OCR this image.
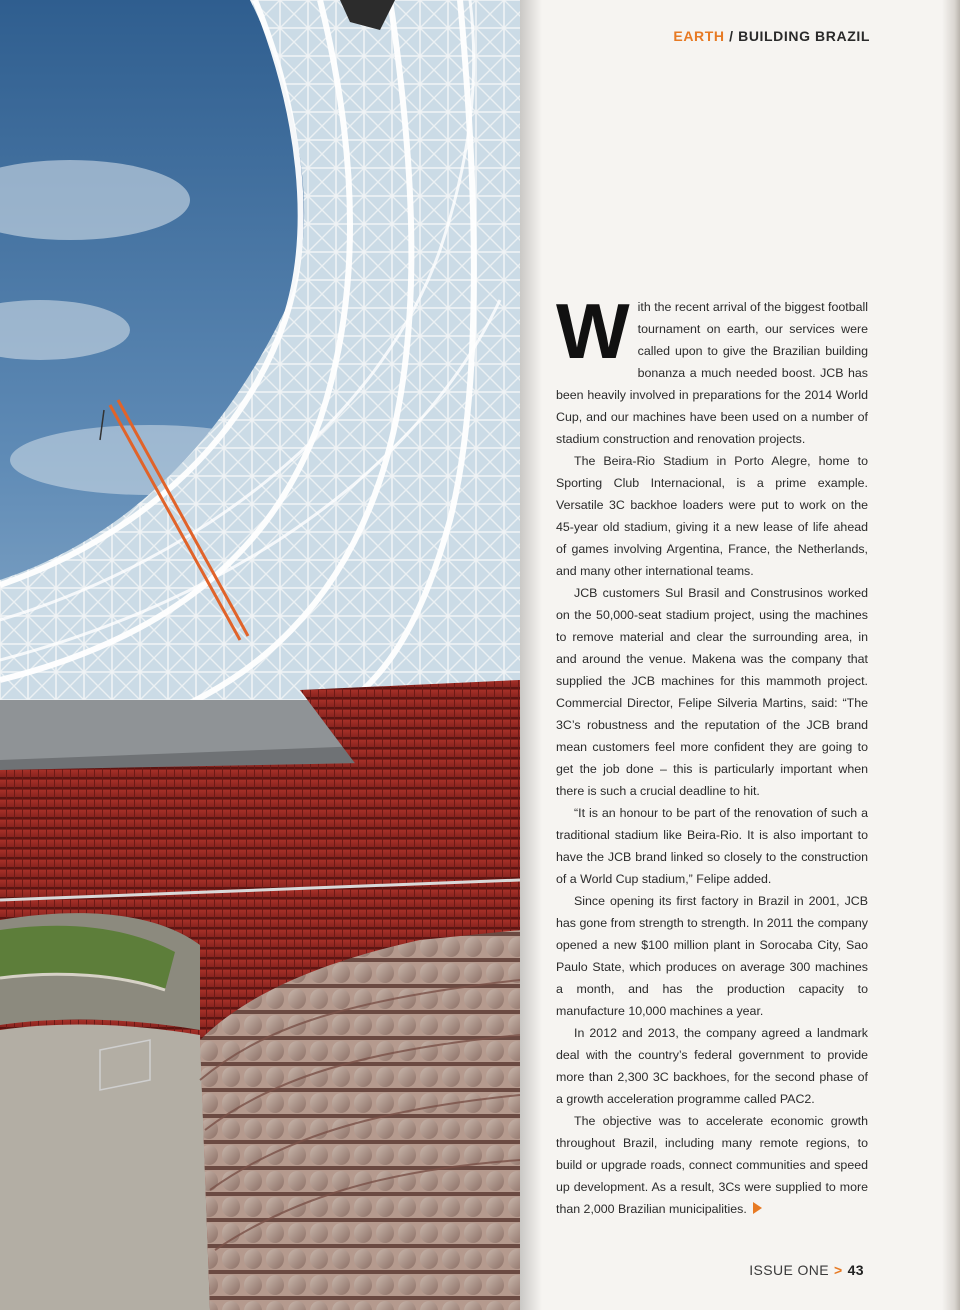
EARTH / BUILDING BRAZIL

With the recent arrival of the biggest football tournament on earth, our services were called upon to give the Brazilian building bonanza a much needed boost. JCB has been heavily involved in preparations for the 2014 World Cup, and our machines have been used on a number of stadium construction and renovation projects.

The Beira-Rio Stadium in Porto Alegre, home to Sporting Club Internacional, is a prime example. Versatile 3C backhoe loaders were put to work on the 45-year old stadium, giving it a new lease of life ahead of games involving Argentina, France, the Netherlands, and many other international teams.

JCB customers Sul Brasil and Construsinos worked on the 50,000-seat stadium project, using the machines to remove material and clear the surrounding area, in and around the venue. Makena was the company that supplied the JCB machines for this mammoth project. Commercial Director, Felipe Silveria Martins, said: “The 3C’s robustness and the reputation of the JCB brand mean customers feel more confident they are going to get the job done – this is particularly important when there is such a crucial deadline to hit.

“It is an honour to be part of the renovation of such a traditional stadium like Beira-Rio. It is also important to have the JCB brand linked so closely to the construction of a World Cup stadium,” Felipe added.

Since opening its first factory in Brazil in 2001, JCB has gone from strength to strength. In 2011 the company opened a new $100 million plant in Sorocaba City, Sao Paulo State, which produces on average 300 machines a month, and has the production capacity to manufacture 10,000 machines a year.

In 2012 and 2013, the company agreed a landmark deal with the country’s federal government to provide more than 2,300 3C backhoes, for the second phase of a growth acceleration programme called PAC2.

The objective was to accelerate economic growth throughout Brazil, including many remote regions, to build or upgrade roads, connect communities and speed up development. As a result, 3Cs were supplied to more than 2,000 Brazilian municipalities.

ISSUE ONE > 43
